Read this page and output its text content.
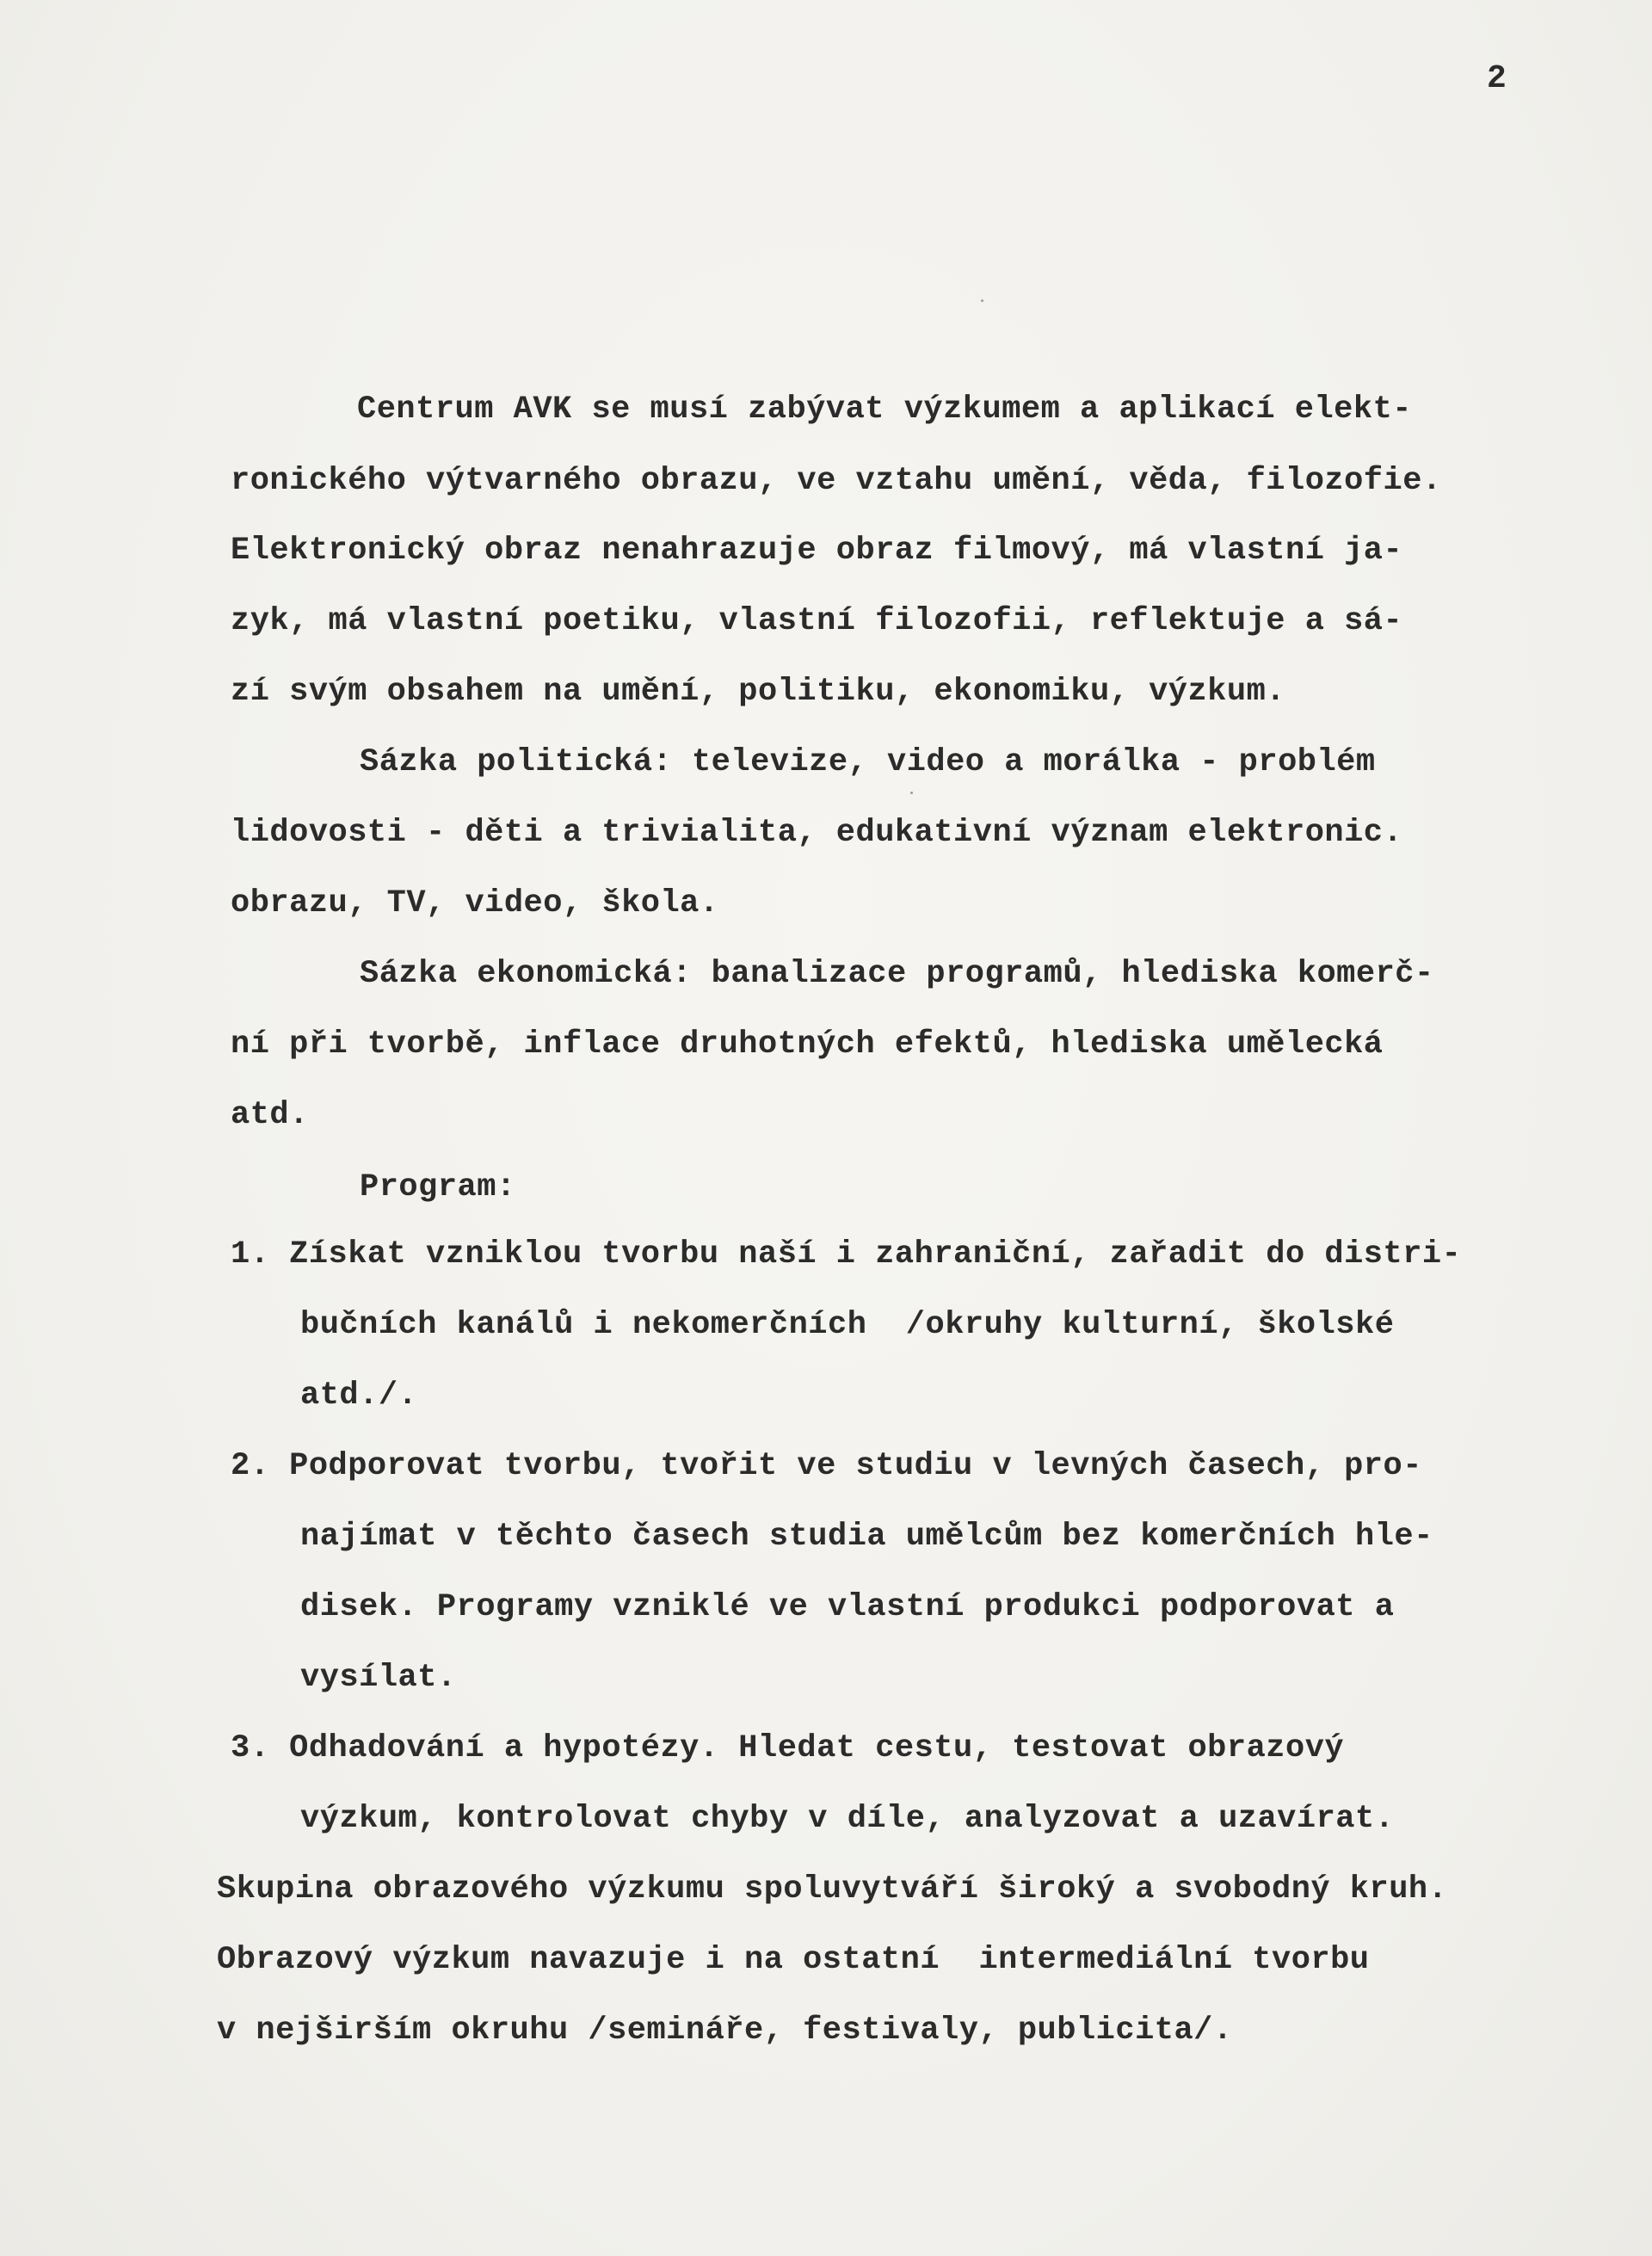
2
Centrum AVK se musí zabývat výzkumem a aplikací elekt-
ronického výtvarného obrazu, ve vztahu umění, věda, filozofie.
Elektronický obraz nenahrazuje obraz filmový, má vlastní ja-
zyk, má vlastní poetiku, vlastní filozofii, reflektuje a sá-
zí svým obsahem na umění, politiku, ekonomiku, výzkum.
Sázka politická: televize, video a morálka - problém
lidovosti - děti a trivialita, edukativní význam elektronic.
obrazu, TV, video, škola.
Sázka ekonomická: banalizace programů, hlediska komerč-
ní při tvorbě, inflace druhotných efektů, hlediska umělecká
atd.
Program:
1. Získat vzniklou tvorbu naší i zahraniční, zařadit do distri-
bučních kanálů i nekomerčních  /okruhy kulturní, školské
atd./.
2. Podporovat tvorbu, tvořit ve studiu v levných časech, pro-
najímat v těchto časech studia umělcům bez komerčních hle-
disek. Programy vzniklé ve vlastní produkci podporovat a
vysílat.
3. Odhadování a hypotézy. Hledat cestu, testovat obrazový
výzkum, kontrolovat chyby v díle, analyzovat a uzavírat.
Skupina obrazového výzkumu spoluvytváří široký a svobodný kruh.
Obrazový výzkum navazuje i na ostatní  intermediální tvorbu
v nejširším okruhu /semináře, festivaly, publicita/.
